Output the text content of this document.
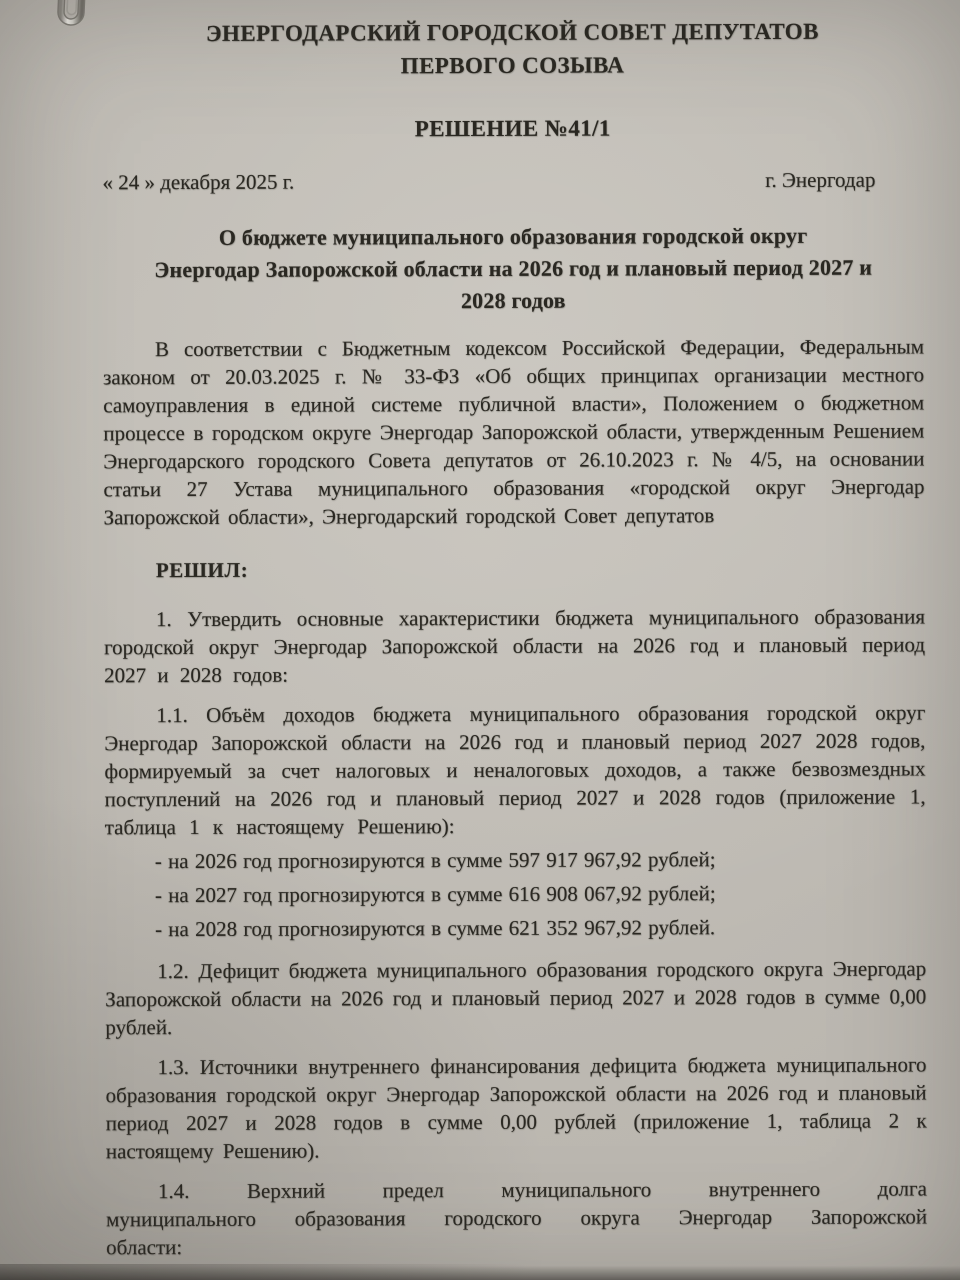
ЭНЕРГОДАРСКИЙ ГОРОДСКОЙ СОВЕТ ДЕПУТАТОВ
ПЕРВОГО СОЗЫВА
РЕШЕНИЕ №41/1
« 24 » декабря 2025 г.	г. Энергодар
О бюджете муниципального образования городской округ
Энергодар Запорожской области на 2026 год и плановый период 2027 и
2028 годов

В соответствии с Бюджетным кодексом Российской Федерации, Федеральным законом от 20.03.2025 г. № 33-ФЗ «Об общих принципах организации местного самоуправления в единой системе публичной власти», Положением о бюджетном процессе в городском округе Энергодар Запорожской области, утвержденным Решением Энергодарского городского Совета депутатов от 26.10.2023 г. № 4/5, на основании статьи 27 Устава муниципального образования «городской округ Энергодар Запорожской области», Энергодарский городской Совет депутатов

РЕШИЛ:

1. Утвердить основные характеристики бюджета муниципального образования городской округ Энергодар Запорожской области на 2026 год и плановый период 2027 и 2028 годов:

1.1. Объём доходов бюджета муниципального образования городской округ Энергодар Запорожской области на 2026 год и плановый период 2027 2028 годов, формируемый за счет налоговых и неналоговых доходов, а также безвозмездных поступлений на 2026 год и плановый период 2027 и 2028 годов (приложение 1, таблица 1 к настоящему Решению):

- на 2026 год прогнозируются в сумме 597 917 967,92 рублей;

- на 2027 год прогнозируются в сумме 616 908 067,92 рублей;

- на 2028 год прогнозируются в сумме 621 352 967,92 рублей.

1.2. Дефицит бюджета муниципального образования городского округа Энергодар Запорожской области на 2026 год и плановый период 2027 и 2028 годов в сумме 0,00 рублей.

1.3. Источники внутреннего финансирования дефицита бюджета муниципального образования городской округ Энергодар Запорожской области на 2026 год и плановый период 2027 и 2028 годов в сумме 0,00 рублей (приложение 1, таблица 2 к настоящему Решению).

1.4. Верхний предел муниципального внутреннего долга муниципального образования городского округа Энергодар Запорожской области:
